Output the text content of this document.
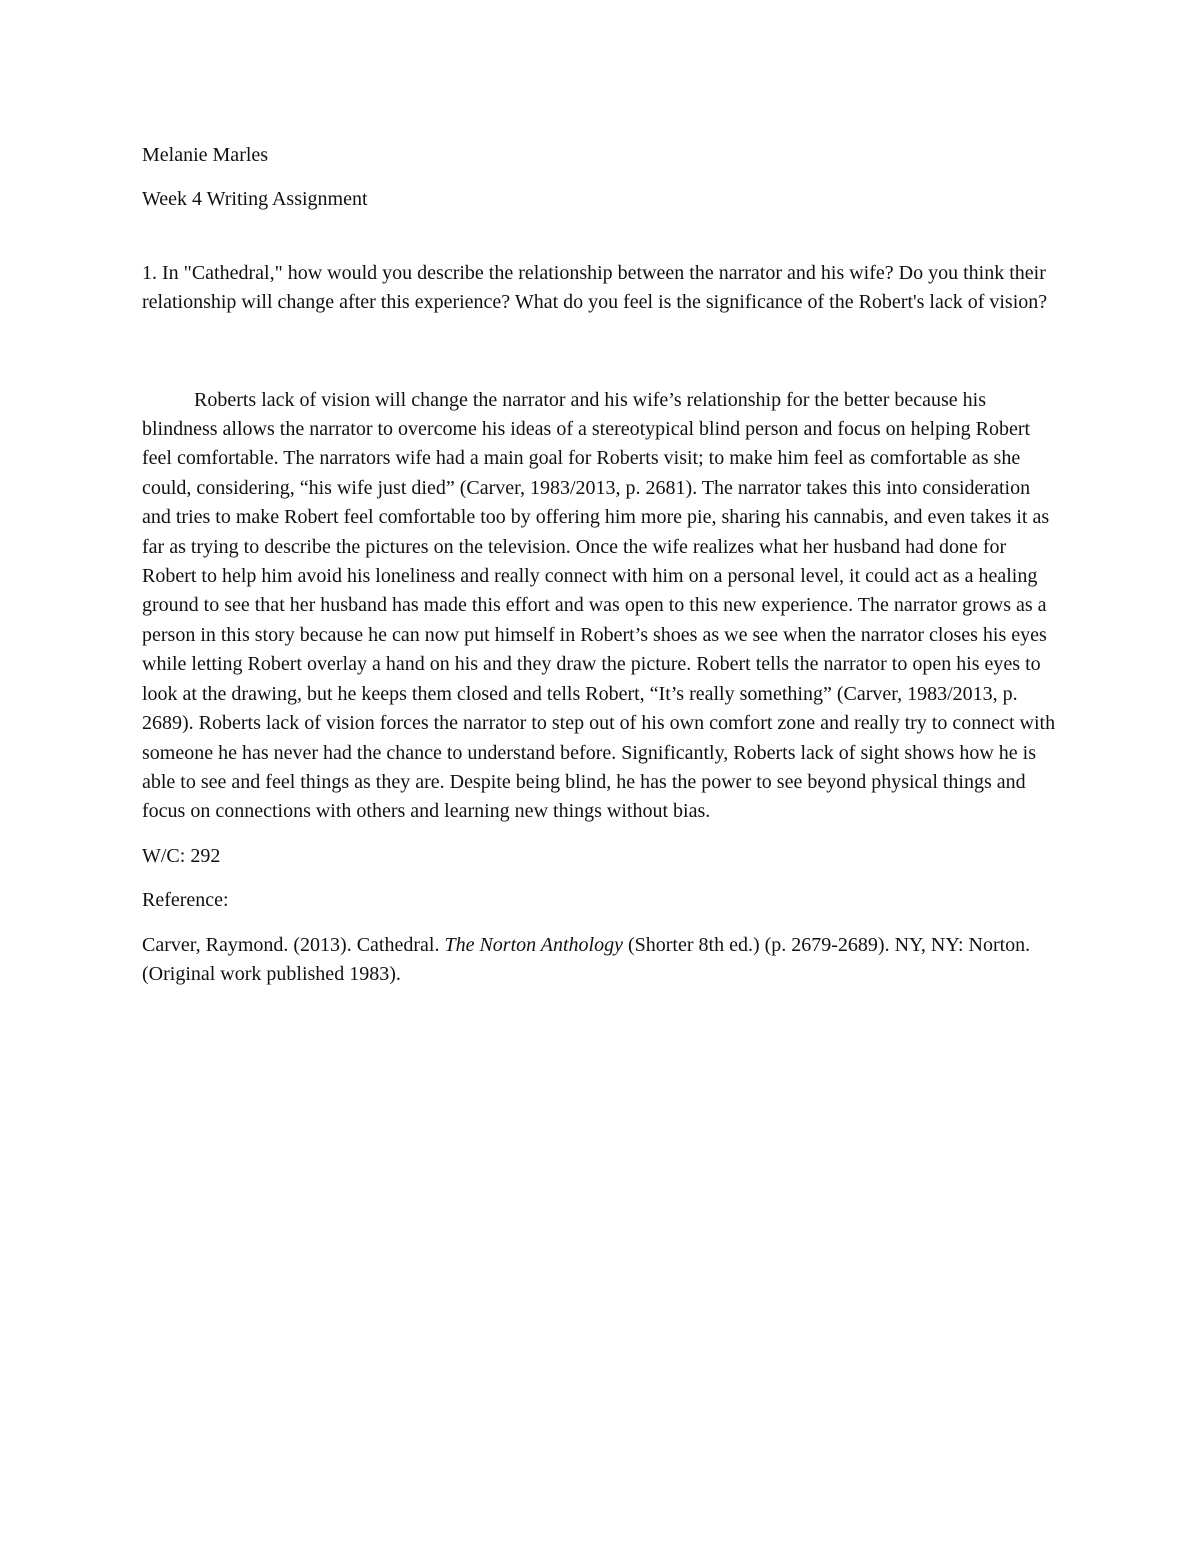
Melanie Marles

Week 4 Writing Assignment

1. In "Cathedral," how would you describe the relationship between the narrator and his wife? Do you think their relationship will change after this experience? What do you feel is the significance of the Robert's lack of vision?

Roberts lack of vision will change the narrator and his wife’s relationship for the better because his blindness allows the narrator to overcome his ideas of a stereotypical blind person and focus on helping Robert feel comfortable. The narrators wife had a main goal for Roberts visit; to make him feel as comfortable as she could, considering, “his wife just died” (Carver, 1983/2013, p. 2681). The narrator takes this into consideration and tries to make Robert feel comfortable too by offering him more pie, sharing his cannabis, and even takes it as far as trying to describe the pictures on the television. Once the wife realizes what her husband had done for Robert to help him avoid his loneliness and really connect with him on a personal level, it could act as a healing ground to see that her husband has made this effort and was open to this new experience. The narrator grows as a person in this story because he can now put himself in Robert’s shoes as we see when the narrator closes his eyes while letting Robert overlay a hand on his and they draw the picture. Robert tells the narrator to open his eyes to look at the drawing, but he keeps them closed and tells Robert, “It’s really something” (Carver, 1983/2013, p. 2689). Roberts lack of vision forces the narrator to step out of his own comfort zone and really try to connect with someone he has never had the chance to understand before. Significantly, Roberts lack of sight shows how he is able to see and feel things as they are. Despite being blind, he has the power to see beyond physical things and focus on connections with others and learning new things without bias.

W/C: 292

Reference:

Carver, Raymond. (2013). Cathedral. The Norton Anthology (Shorter 8th ed.) (p. 2679-2689). NY, NY: Norton. (Original work published 1983).
